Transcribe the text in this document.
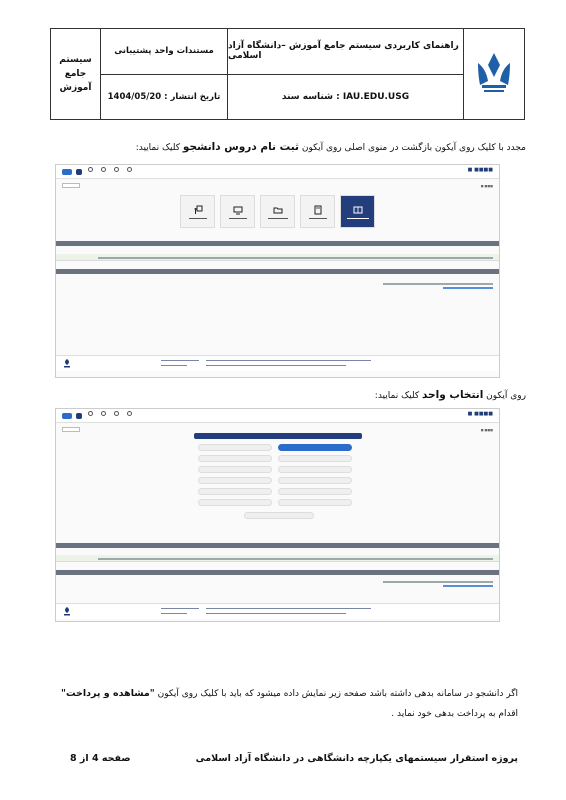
سیستم
جامع
آموزش
مستندات واحد پشتیبانی
تاریخ انتشار : 1404/05/20
راهنمای کاربردی سیستم جامع آموزش –دانشگاه آزاد اسلامی
شناسه سند : IAU.EDU.USG
مجدد با کلیک روی آیکون بازگشت در منوی اصلی روی آیکون ثبت نام دروس دانشجو کلیک نمایید:
■ ■■■■
■ ■■■
روی آیکون انتخاب واحد کلیک نمایید:
■ ■■■■
■ ■■■
اگر دانشجو در سامانه بدهی داشته باشد صفحه زیر نمایش داده میشود که باید با کلیک روی آیکون "مشاهده و پرداخت" اقدام به پرداخت بدهی خود نماید .
پروژه استقرار سیستمهای یکپارچه دانشگاهی در دانشگاه آزاد اسلامی
صفحه 4 از 8
